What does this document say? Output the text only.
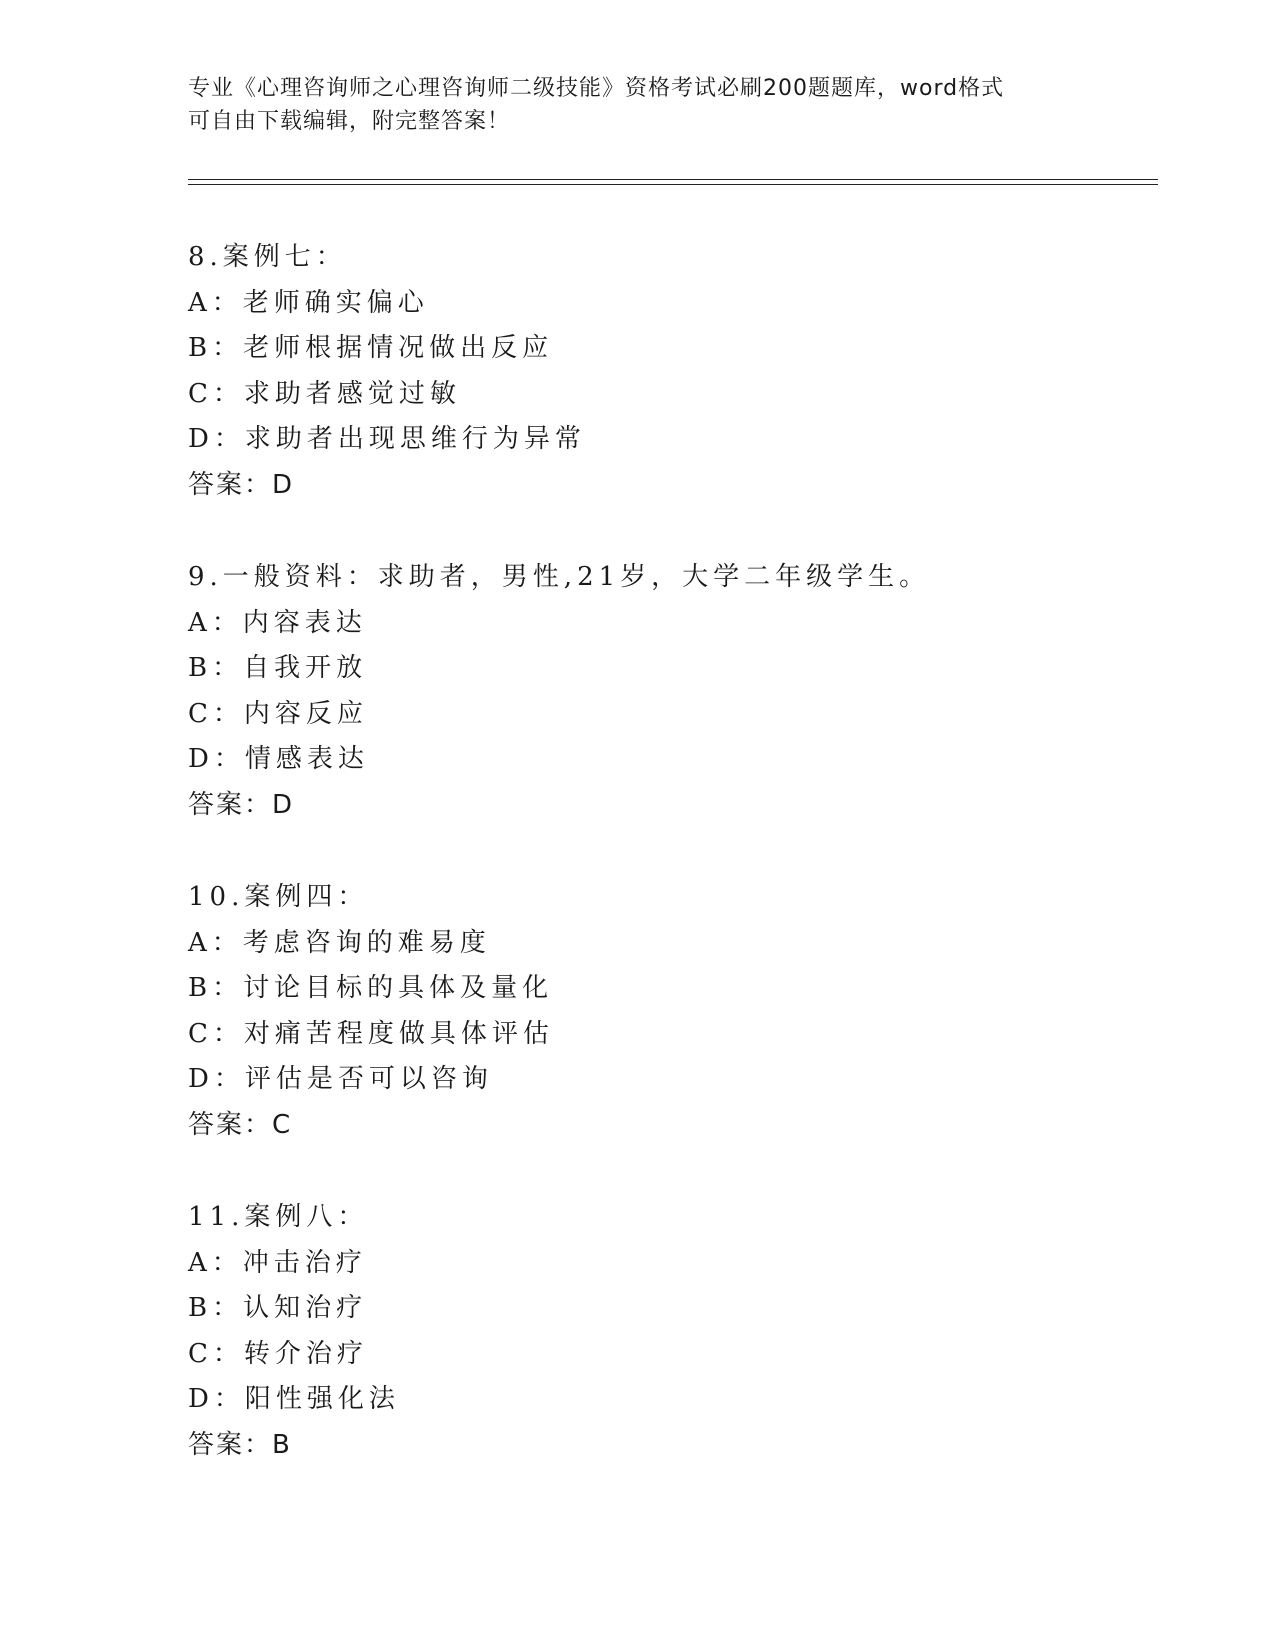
专业《心理咨询师之心理咨询师二级技能》资格考试必刷200题题库，word格式
可自由下载编辑，附完整答案！
8.案例七：
A：老师确实偏心
B：老师根据情况做出反应
C：求助者感觉过敏
D：求助者出现思维行为异常
答案：D
9.一般资料：求助者，男性,21岁，大学二年级学生。
A：内容表达
B：自我开放
C：内容反应
D：情感表达
答案：D
10.案例四：
A：考虑咨询的难易度
B：讨论目标的具体及量化
C：对痛苦程度做具体评估
D：评估是否可以咨询
答案：C
11.案例八：
A：冲击治疗
B：认知治疗
C：转介治疗
D：阳性强化法
答案：B
